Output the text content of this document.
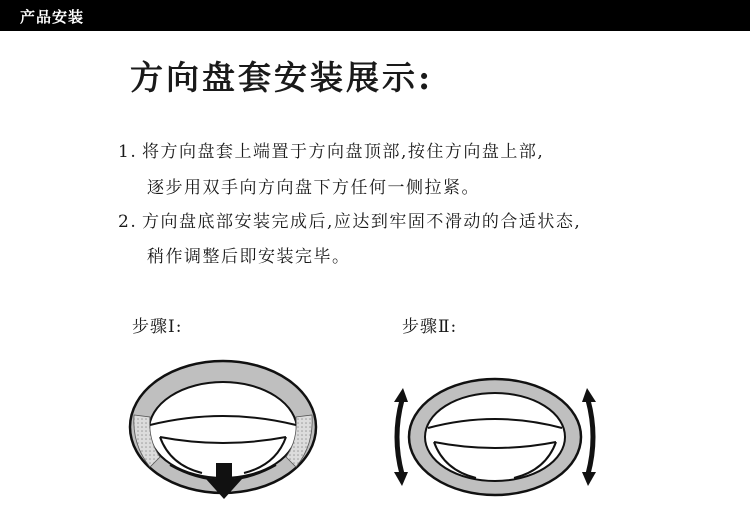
产品安装
方向盘套安装展示:
1. 将方向盘套上端置于方向盘顶部,按住方向盘上部,
逐步用双手向方向盘下方任何一侧拉紧。
2. 方向盘底部安装完成后,应达到牢固不滑动的合适状态,
稍作调整后即安装完毕。
步骤Ⅰ:	步骤Ⅱ:
